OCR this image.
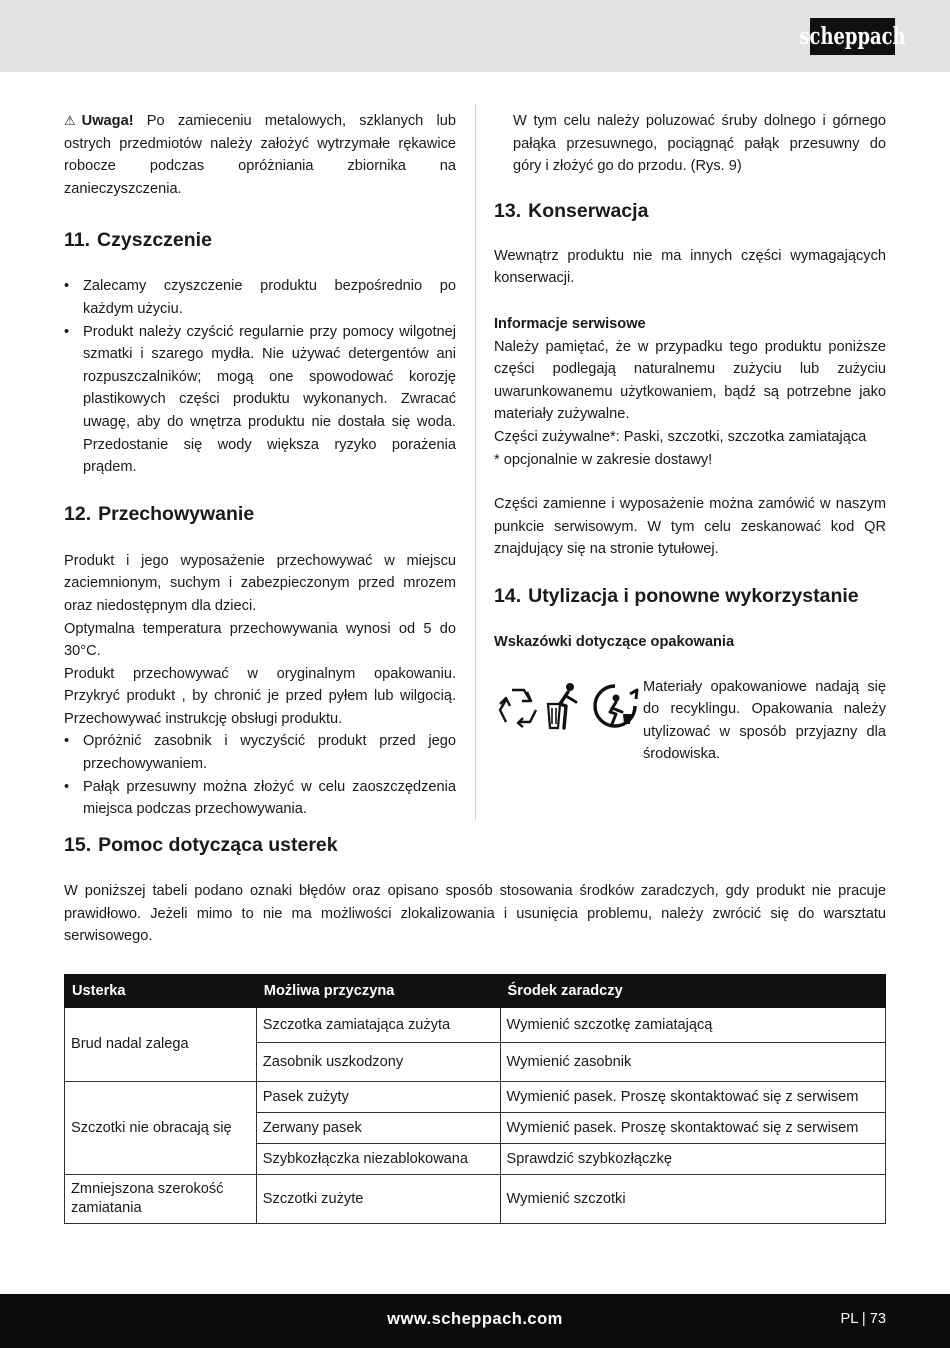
scheppach

⚠ Uwaga! Po zamieceniu metalowych, szklanych lub ostrych przedmiotów należy założyć wytrzymałe rękawice robocze podczas opróżniania zbiornika na zanieczyszczenia.

11. Czyszczenie
• Zalecamy czyszczenie produktu bezpośrednio po każdym użyciu.
• Produkt należy czyścić regularnie przy pomocy wilgotnej szmatki i szarego mydła. Nie używać detergentów ani rozpuszczalników; mogą one spowodować korozję plastikowych części produktu wykonanych. Zwracać uwagę, aby do wnętrza produktu nie dostała się woda. Przedostanie się wody większa ryzyko porażenia prądem.
12. Przechowywanie

Produkt i jego wyposażenie przechowywać w miejscu zaciemnionym, suchym i zabezpieczonym przed mrozem oraz niedostępnym dla dzieci.

Optymalna temperatura przechowywania wynosi od 5 do 30°C.

Produkt przechowywać w oryginalnym opakowaniu. Przykryć produkt , by chronić je przed pyłem lub wilgocią. Przechowywać instrukcję obsługi produktu.

• Opróżnić zasobnik i wyczyścić produkt przed jego przechowywaniem.
• Pałąk przesuwny można złożyć w celu zaoszczędzenia miejsca podczas przechowywania.

W tym celu należy poluzować śruby dolnego i górnego pałąka przesuwnego, pociągnąć pałąk przesuwny do góry i złożyć go do przodu. (Rys. 9)

13. Konserwacja

Wewnątrz produktu nie ma innych części wymagających konserwacji.

Informacje serwisowe

Należy pamiętać, że w przypadku tego produktu poniższe części podlegają naturalnemu zużyciu lub zużyciu uwarunkowanemu użytkowaniem, bądź są potrzebne jako materiały zużywalne.

Części zużywalne*: Paski, szczotki, szczotka zamiatająca

* opcjonalnie w zakresie dostawy!

Części zamienne i wyposażenie można zamówić w naszym punkcie serwisowym. W tym celu zeskanować kod QR znajdujący się na stronie tytułowej.

14. Utylizacja i ponowne wykorzystanie
Wskazówki dotyczące opakowania

Materiały opakowaniowe nadają się do recyklingu. Opakowania należy utylizować w sposób przyjazny dla środowiska.

15. Pomoc dotycząca usterek

W poniższej tabeli podano oznaki błędów oraz opisano sposób stosowania środków zaradczych, gdy produkt nie pracuje prawidłowo. Jeżeli mimo to nie ma możliwości zlokalizowania i usunięcia problemu, należy zwrócić się do warsztatu serwisowego.

Usterka	Możliwa przyczyna	Środek zaradczy
Brud nadal zalega	Szczotka zamiatająca zużyta	Wymienić szczotkę zamiatającą
	Zasobnik uszkodzony	Wymienić zasobnik
Szczotki nie obracają się	Pasek zużyty	Wymienić pasek. Proszę skontaktować się z serwisem
	Zerwany pasek	Wymienić pasek. Proszę skontaktować się z serwisem
	Szybkozłączka niezablokowana	Sprawdzić szybkozłączkę
Zmniejszona szerokość zamiatania	Szczotki zużyte	Wymienić szczotki
www.scheppach.com	PL | 73
